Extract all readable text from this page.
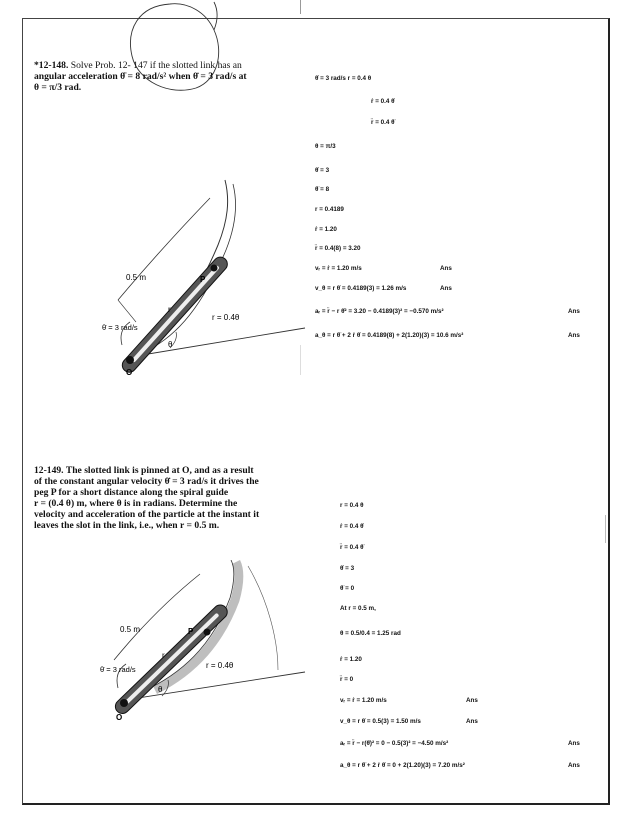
*12-148. Solve Prob. 12- 147 if the slotted link has an
angular acceleration θ̈ = 8 rad/s² when θ̇ = 3 rad/s at
θ = π/3 rad.
θ̇ = 3 rad/s r = 0.4 θ
ṙ = 0.4 θ̇
r̈ = 0.4 θ̈
θ = π/3
θ̇ = 3
θ̈ = 8
r = 0.4189
ṙ = 1.20
r̈ = 0.4(8) = 3.20
vᵣ = ṙ = 1.20 m/s
v_θ = r θ̇ = 0.4189(3) = 1.26 m/s
aᵣ = r̈ − r θ̇² = 3.20 − 0.4189(3)² = −0.570 m/s²
a_θ = r θ̈ + 2 ṙ θ̇ = 0.4189(8) + 2(1.20)(3) = 10.6 m/s²
Ans
Ans
Ans
Ans
0.5 m	P
r
r = 0.4θ
θ̇ = 3 rad/s
θ
O
12-149. The slotted link is pinned at O, and as a result
of the constant angular velocity θ̇ = 3 rad/s it drives the
peg P for a short distance along the spiral guide
r = (0.4 θ) m, where θ is in radians. Determine the
velocity and acceleration of the particle at the instant it
leaves the slot in the link, i.e., when r = 0.5 m.
r = 0.4 θ
ṙ = 0.4 θ̇
r̈ = 0.4 θ̈
θ̇ = 3
θ̈ = 0
At r = 0.5 m,
θ = 0.5/0.4 = 1.25 rad
ṙ = 1.20
r̈ = 0
vᵣ = ṙ = 1.20 m/s
v_θ = r θ̇ = 0.5(3) = 1.50 m/s
aᵣ = r̈ − r(θ̇)² = 0 − 0.5(3)² = −4.50 m/s²
a_θ = r θ̈ + 2 ṙ θ̇ = 0 + 2(1.20)(3) = 7.20 m/s²
Ans
Ans
Ans
Ans
0.5 m	P
r
r = 0.4θ
θ̇ = 3 rad/s
θ
O
